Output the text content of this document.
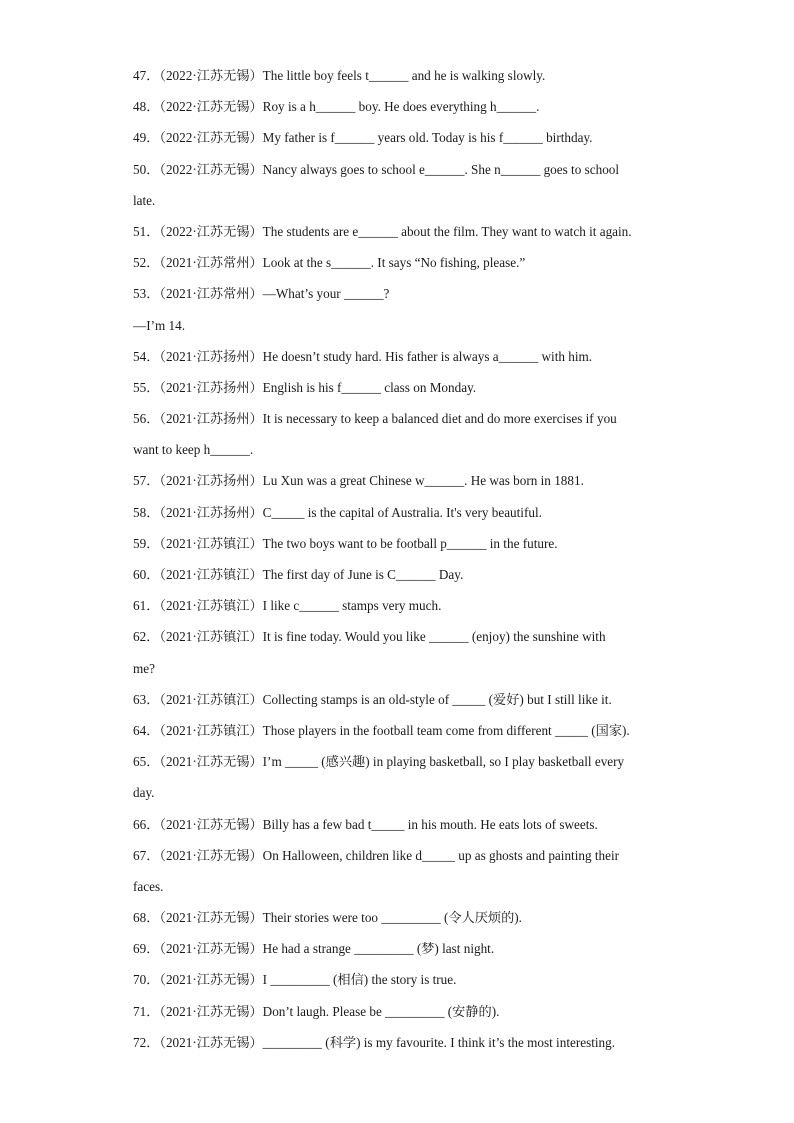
47．（2022·江苏无锡）The little boy feels t______ and he is walking slowly.
48．（2022·江苏无锡）Roy is a h______ boy. He does everything h______.
49．（2022·江苏无锡）My father is f______ years old. Today is his f______ birthday.
50．（2022·江苏无锡）Nancy always goes to school e______. She n______ goes to school
late.
51．（2022·江苏无锡）The students are e______ about the film. They want to watch it again.
52．（2021·江苏常州）Look at the s______. It says “No fishing, please.”
53．（2021·江苏常州）—What’s your ______?
—I’m 14.
54．（2021·江苏扬州）He doesn’t study hard. His father is always a______ with him.
55．（2021·江苏扬州）English is his f______ class on Monday.
56．（2021·江苏扬州）It is necessary to keep a balanced diet and do more exercises if you
want to keep h______.
57．（2021·江苏扬州）Lu Xun was a great Chinese w______. He was born in 1881.
58．（2021·江苏扬州）C_____ is the capital of Australia. It's very beautiful.
59．（2021·江苏镇江）The two boys want to be football p______ in the future.
60．（2021·江苏镇江）The first day of June is C______ Day.
61．（2021·江苏镇江）I like c______ stamps very much.
62．（2021·江苏镇江）It is fine today. Would you like ______ (enjoy) the sunshine with
me?
63．（2021·江苏镇江）Collecting stamps is an old-style of _____ (爱好) but I still like it.
64．（2021·江苏镇江）Those players in the football team come from different _____ (国家).
65．（2021·江苏无锡）I’m _____ (感兴趣) in playing basketball, so I play basketball every
day.
66．（2021·江苏无锡）Billy has a few bad t_____ in his mouth. He eats lots of sweets.
67．（2021·江苏无锡）On Halloween, children like d_____ up as ghosts and painting their
faces.
68．（2021·江苏无锡）Their stories were too _________ (令人厌烦的).
69．（2021·江苏无锡）He had a strange _________ (梦) last night.
70．（2021·江苏无锡）I _________ (相信) the story is true.
71．（2021·江苏无锡）Don’t laugh. Please be _________ (安静的).
72．（2021·江苏无锡）_________ (科学) is my favourite. I think it’s the most interesting.
